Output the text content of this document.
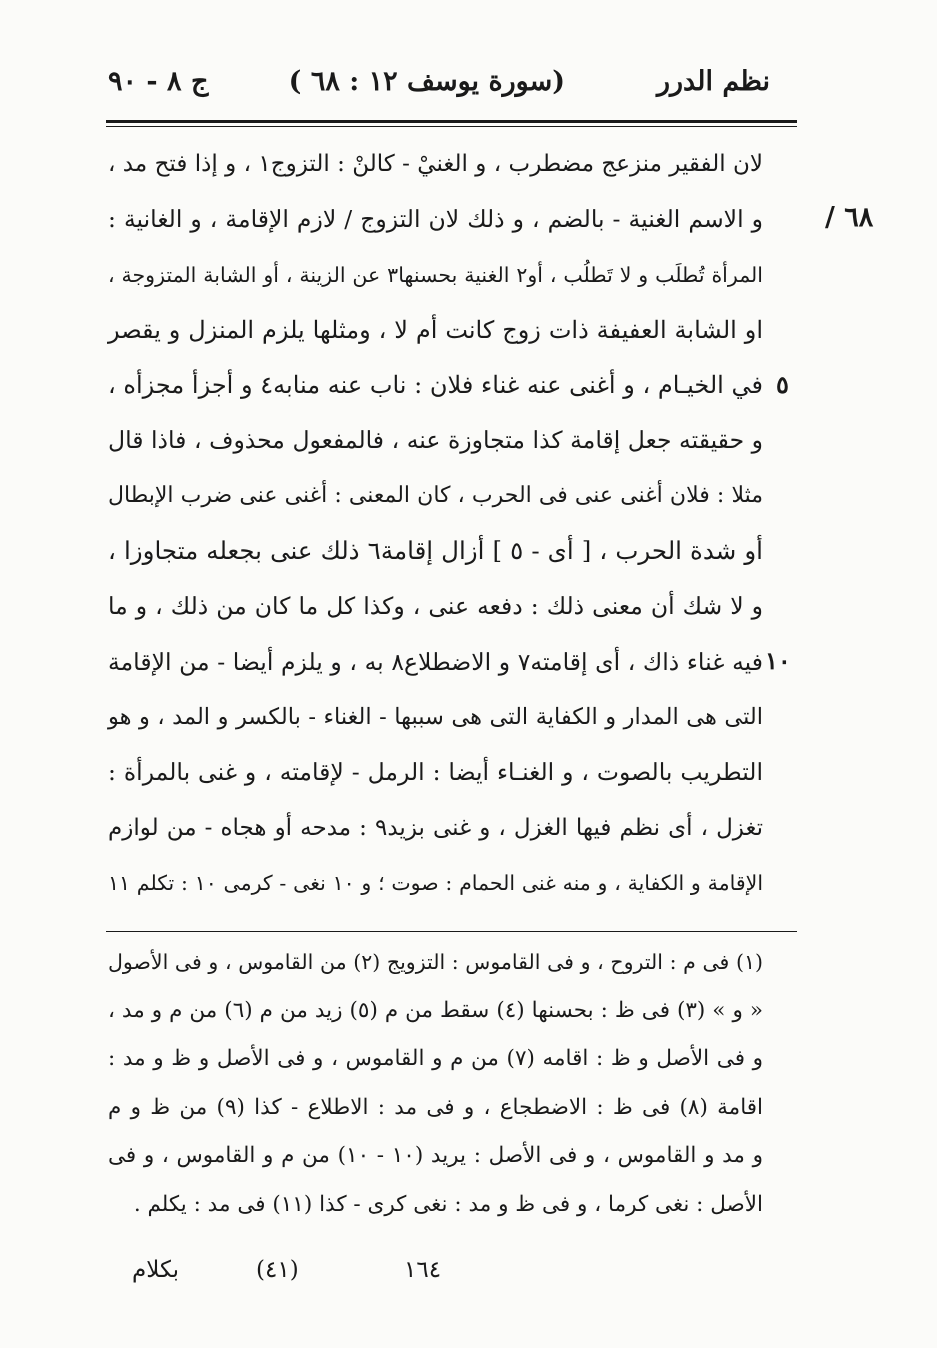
نظم الدرر
(سورة يوسف ١٢ : ٦٨ )
ج ٨ - ٩٠
٦٨ /
٥
١٠
لان الفقير منزعج مضطرب ، و الغنيْ - كالنْ : التزوج١ ، و إذا فتح مد ،
و الاسم الغنية - بالضم ، و ذلك لان التزوج / لازم الإقامة ، و الغانية :
المرأة تُطلَب و لا تَطلُب ، أو٢ الغنية بحسنها٣ عن الزينة ، أو الشابة المتزوجة ،
او الشابة العفيفة ذات زوج كانت أم لا ، ومثلها يلزم المنزل و يقصر
في الخيـام ، و أغنى عنه غناء فلان : ناب عنه منابه٤ و أجزأ مجزأه ،
و حقيقته جعل إقامة كذا متجاوزة عنه ، فالمفعول محذوف ، فاذا قال
مثلا : فلان أغنى عنى فى الحرب ، كان المعنى : أغنى عنى ضرب الإبطال
أو شدة الحرب ، [ أى - ٥ ] أزال إقامة٦ ذلك عنى بجعله متجاوزا ،
و لا شك أن معنى ذلك : دفعه عنى ، وكذا كل ما كان من ذلك ، و ما
فيه غناء ذاك ، أى إقامته٧ و الاضطلاع٨ به ، و يلزم أيضا - من الإقامة
التى هى المدار و الكفاية التى هى سببها - الغناء - بالكسر و المد ، و هو
التطريب بالصوت ، و الغنـاء أيضا : الرمل - لإقامته ، و غنى بالمرأة :
تغزل ، أى نظم فيها الغزل ، و غنى بزيد٩ : مدحه أو هجاه - من لوازم
الإقامة و الكفاية ، و منه غنى الحمام : صوت ؛ و ١٠ نغى - كرمى ١٠ : تكلم ١١
(١) فى م : التروح ، و فى القاموس : التزويج (٢) من القاموس ، و فى الأصول
« و » (٣) فى ظ : بحسنها (٤) سقط من م (٥) زيد من م (٦) من م و مد ،
و فى الأصل و ظ : اقامه (٧) من م و القاموس ، و فى الأصل و ظ و مد :
اقامة (٨) فى ظ : الاضطجاع ، و فى مد : الاطلاع - كذا (٩) من ظ و م
و مد و القاموس ، و فى الأصل : يريد (١٠ - ١٠) من م و القاموس ، و فى
الأصل : نغى كرما ، و فى ظ و مد : نغى كرى - كذا (١١) فى مد : يكلم .
بكلام	(٤١)	١٦٤
